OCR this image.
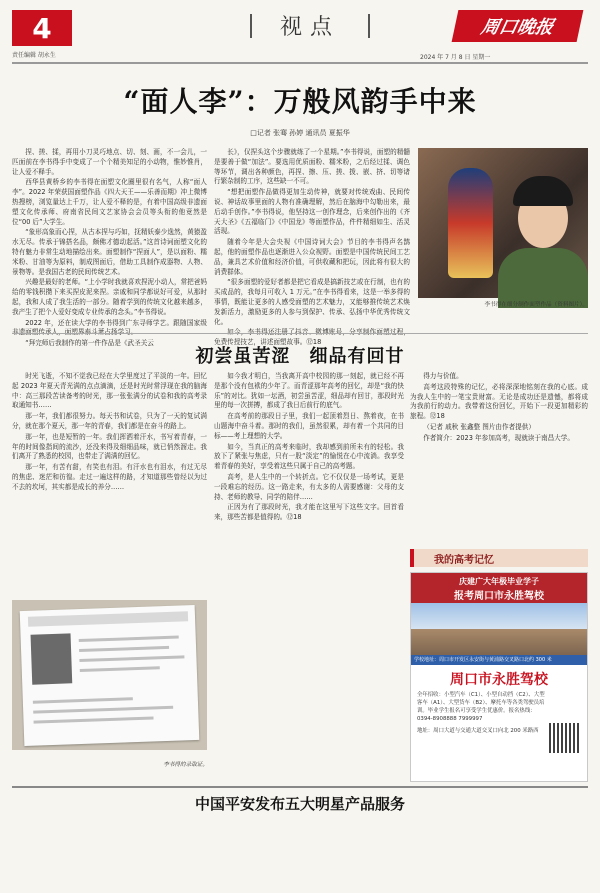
4
责任编辑 胡永生
视点	周口晚报
2024 年 7 月 8 日 星期一
“面人李”：万般风韵手中来
□记者 张骞 孙婷 通讯员 夏振华

捏、搓、揉，再用小刀灵巧地点、切、刻、画，不一会儿，一匹面前在李书得手中变成了一个个精美知足的小动物，惟妙惟肖，让人爱不释手。

西华县黄桥乡的李书得在面塑文化圈里很有名气，人称“面人李”。2022 年荣获国面塑作品《四大天王——乐善而期》冲上微博热搜榜，浏览量达上千万，让人爱不释的是，有着中国高级非遗面塑文化传承师、府南省民间文艺家协会会员等头衔的他竟然是位“00 后”大学生。

“象形高象而心捏，从古本捏与巧如，抚精妖泰少逸然，黄猿盈水无尽。传承于锦搭名品，颇佛才德动起活。”这首诗词面塑文化的特有魅力非常生动地描绘出来。面塑制作“捏面人”，是以面粉、糯米粉、甘油等为原料，制成图面后，借助工具制作成器物、人物、景物等。是我国古老的民间传统艺术。

兴趣是最好的老师。“上小学时我就喜欢捏泥小动人，常把爸妈给的零钱积攒下来买捏皮泥来捏。亲戚和同学都说好可爱，从那时起，我和人成了我生活的一部分。随着学到的传统文化越来越多，我产生了把个人爱好变成专业传承的念头。”李书得说。

2022 年，还在读大学的李书得到广东寻师学艺。跟随国家级

“拜完师后我制作的第一件作品是《武圣关云

长》，仅捏头这个步骤就练了一个星期。”李书得说，面塑的精髓是要善于做“加法”。要选用优质面粉、糯米粉，之后经过揉、调色等环节，调出各种颜色，再捏、擦、压、搓、拨、嵌、挤、切等诸行繁杂制的工序，这些缺一不可。

“想把面塑作品做得更加生动传神，就要对传统戏曲、民间传说、神话故事里面的人物有准确理解，然后在脑海中勾勒出来，最后动手创作。”李书得说，他坚持这一创作理念，后来创作出的《齐天大圣》《五福临门》《中国龙》等面塑作品，件件精细如生、活灵活现。

随着今年是大会央视《中国诗词大会》节目的李书得声名鹊起，他的面塑作品也逐渐进入公众视野。面塑是中国传统民间工艺品，兼具艺术价值和经济价值，可供收藏和把玩，因此将有很大的消费群体。

“很多面塑的爱好者都是把它看成是搞新技艺或在行制，也有的买成品的，我每月可收入 1 万元。”在李书得看来，这是一举多得的事情，既能让更多的人感受面塑的艺术魅力，又能够推传统艺术焕发新活力，激励更多的人参与到保护、传承、弘扬中华优秀传统文化。

免费传授技艺，讲述面塑故事。⑫18

李书得在细分制作面塑作品（资料图片）。
初尝虽苦涩　细品有回甘

时光飞逝，不知不觉我已经在大学里度过了平淡的一年。回忆起 2023 年夏天青光满的点点滴滴，还是时光时常浮现在我的脑海中：高三那段苦读备考的时光，那一张张满分的试卷和我的高考录取通知书……

那一年，我们都很努力。每天书和试卷，只为了一天的复试满分，就在那个夏天，那一年的青春，我们都是在奋斗的路上。

那一年，也是短暂的一年。我们挥洒着汗水，书写着青春，一年的时间像指间的流沙，还没来得及细细品味，就已悄然溜走。我们离开了熟悉的校园，也带走了满满的回忆。

那一年，有苦有甜，有笑也有泪。有汗水也有泪水，有过无尽的焦虑、迷茫和彷徨。走过一遍这样的路，才知道那些曾经以为过不去的坎坷，其实都是成长的养分……

如今我才明白，当我离开高中校园的那一刻起，就已经不再是那个没有包袱的少年了。而青涩那年高考的回忆，却是“我的快乐”的对比。犹如一坛酒，初尝虽苦涩，细品却有回甘，那段时光里的每一次拼搏，都成了我日后前行的底气。

在高考前的那段日子里，我们一起顶着烈日、熬着夜，在书山题海中奋斗着。那时的我们，虽然很累，却有着一个共同的目标——考上理想的大学。

如今，当真正的高考来临时，我却感到前所未有的轻松。我放下了紧张与焦虑，只有一股“淡定”的愉悦在心中流淌。我享受着青春的美好，享受着这些只属于自己的高考题。

高考，是人生中的一个转折点。它不仅仅是一场考试，更是一段难忘的经历。这一路走来，有太多的人需要感谢：父母的支持、老师的教导、同学的陪伴……

正因为有了那段时光，我才能在这里写下这些文字。回首看来，那些苦都是值得的。⑫18

得力与价值。

高考这段特殊的记忆，必将深深地铭刻在我的心底。成为我人生中的一笔宝贵财富。无论是成功还是遗憾，都将成为我前行的动力。我带着这份回忆，开始下一段更加精彩的旅程。⑫18

（记者 戚秋 张鑫整 图片由作者提供）

作者简介：2023 年参加高考，现就读于南昌大学。

李书得的录取证。
我的高考记忆
庆建广大年极毕业学子
报考周口市永胜驾校
学校地址：周口市开发区永安街与黄浦路交叉路口北约 300 米
周口市永胜驾校
全年招收：小型汽车（C1）、小型自动挡（C2）、大型客车（A1）、大型货车（B2）、摩托车等各类驾驶员培训。毕业学生报名可享受学生优惠价。报名热线：0394-8908888 7999997
地址：周口大道与交通大道交叉口向北 200 米路西
中国平安发布五大明星产品服务
